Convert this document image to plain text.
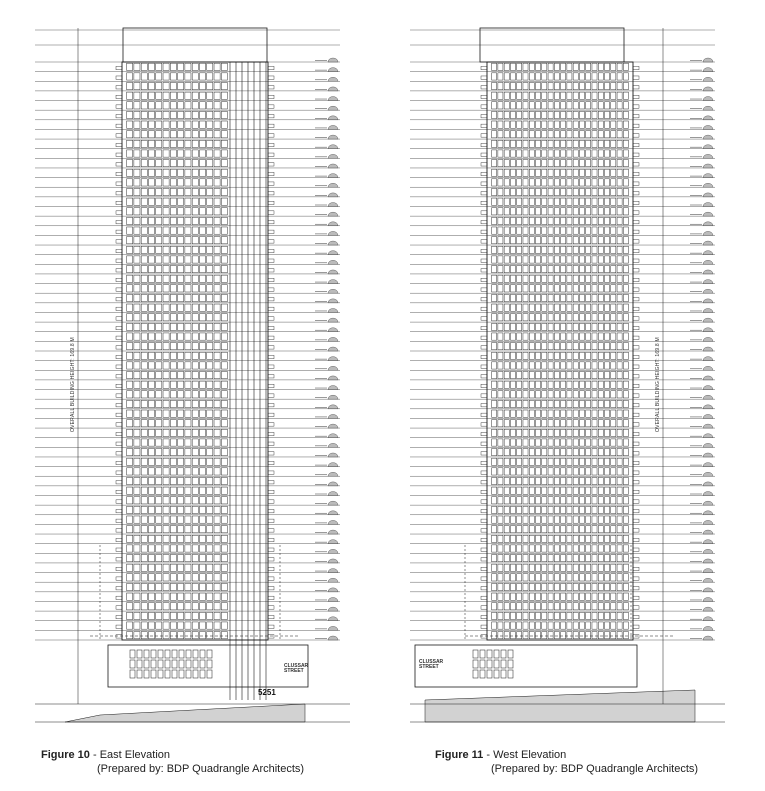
OVERALL BUILDING HEIGHT: 169.8 M
CLUSSAR
STREET
5251
OVERALL BUILDING HEIGHT: 169.8 M
CLUSSAR
STREET
Figure 10 - East Elevation
(Prepared by: BDP Quadrangle Architects)
Figure 11 - West Elevation
(Prepared by: BDP Quadrangle Architects)
